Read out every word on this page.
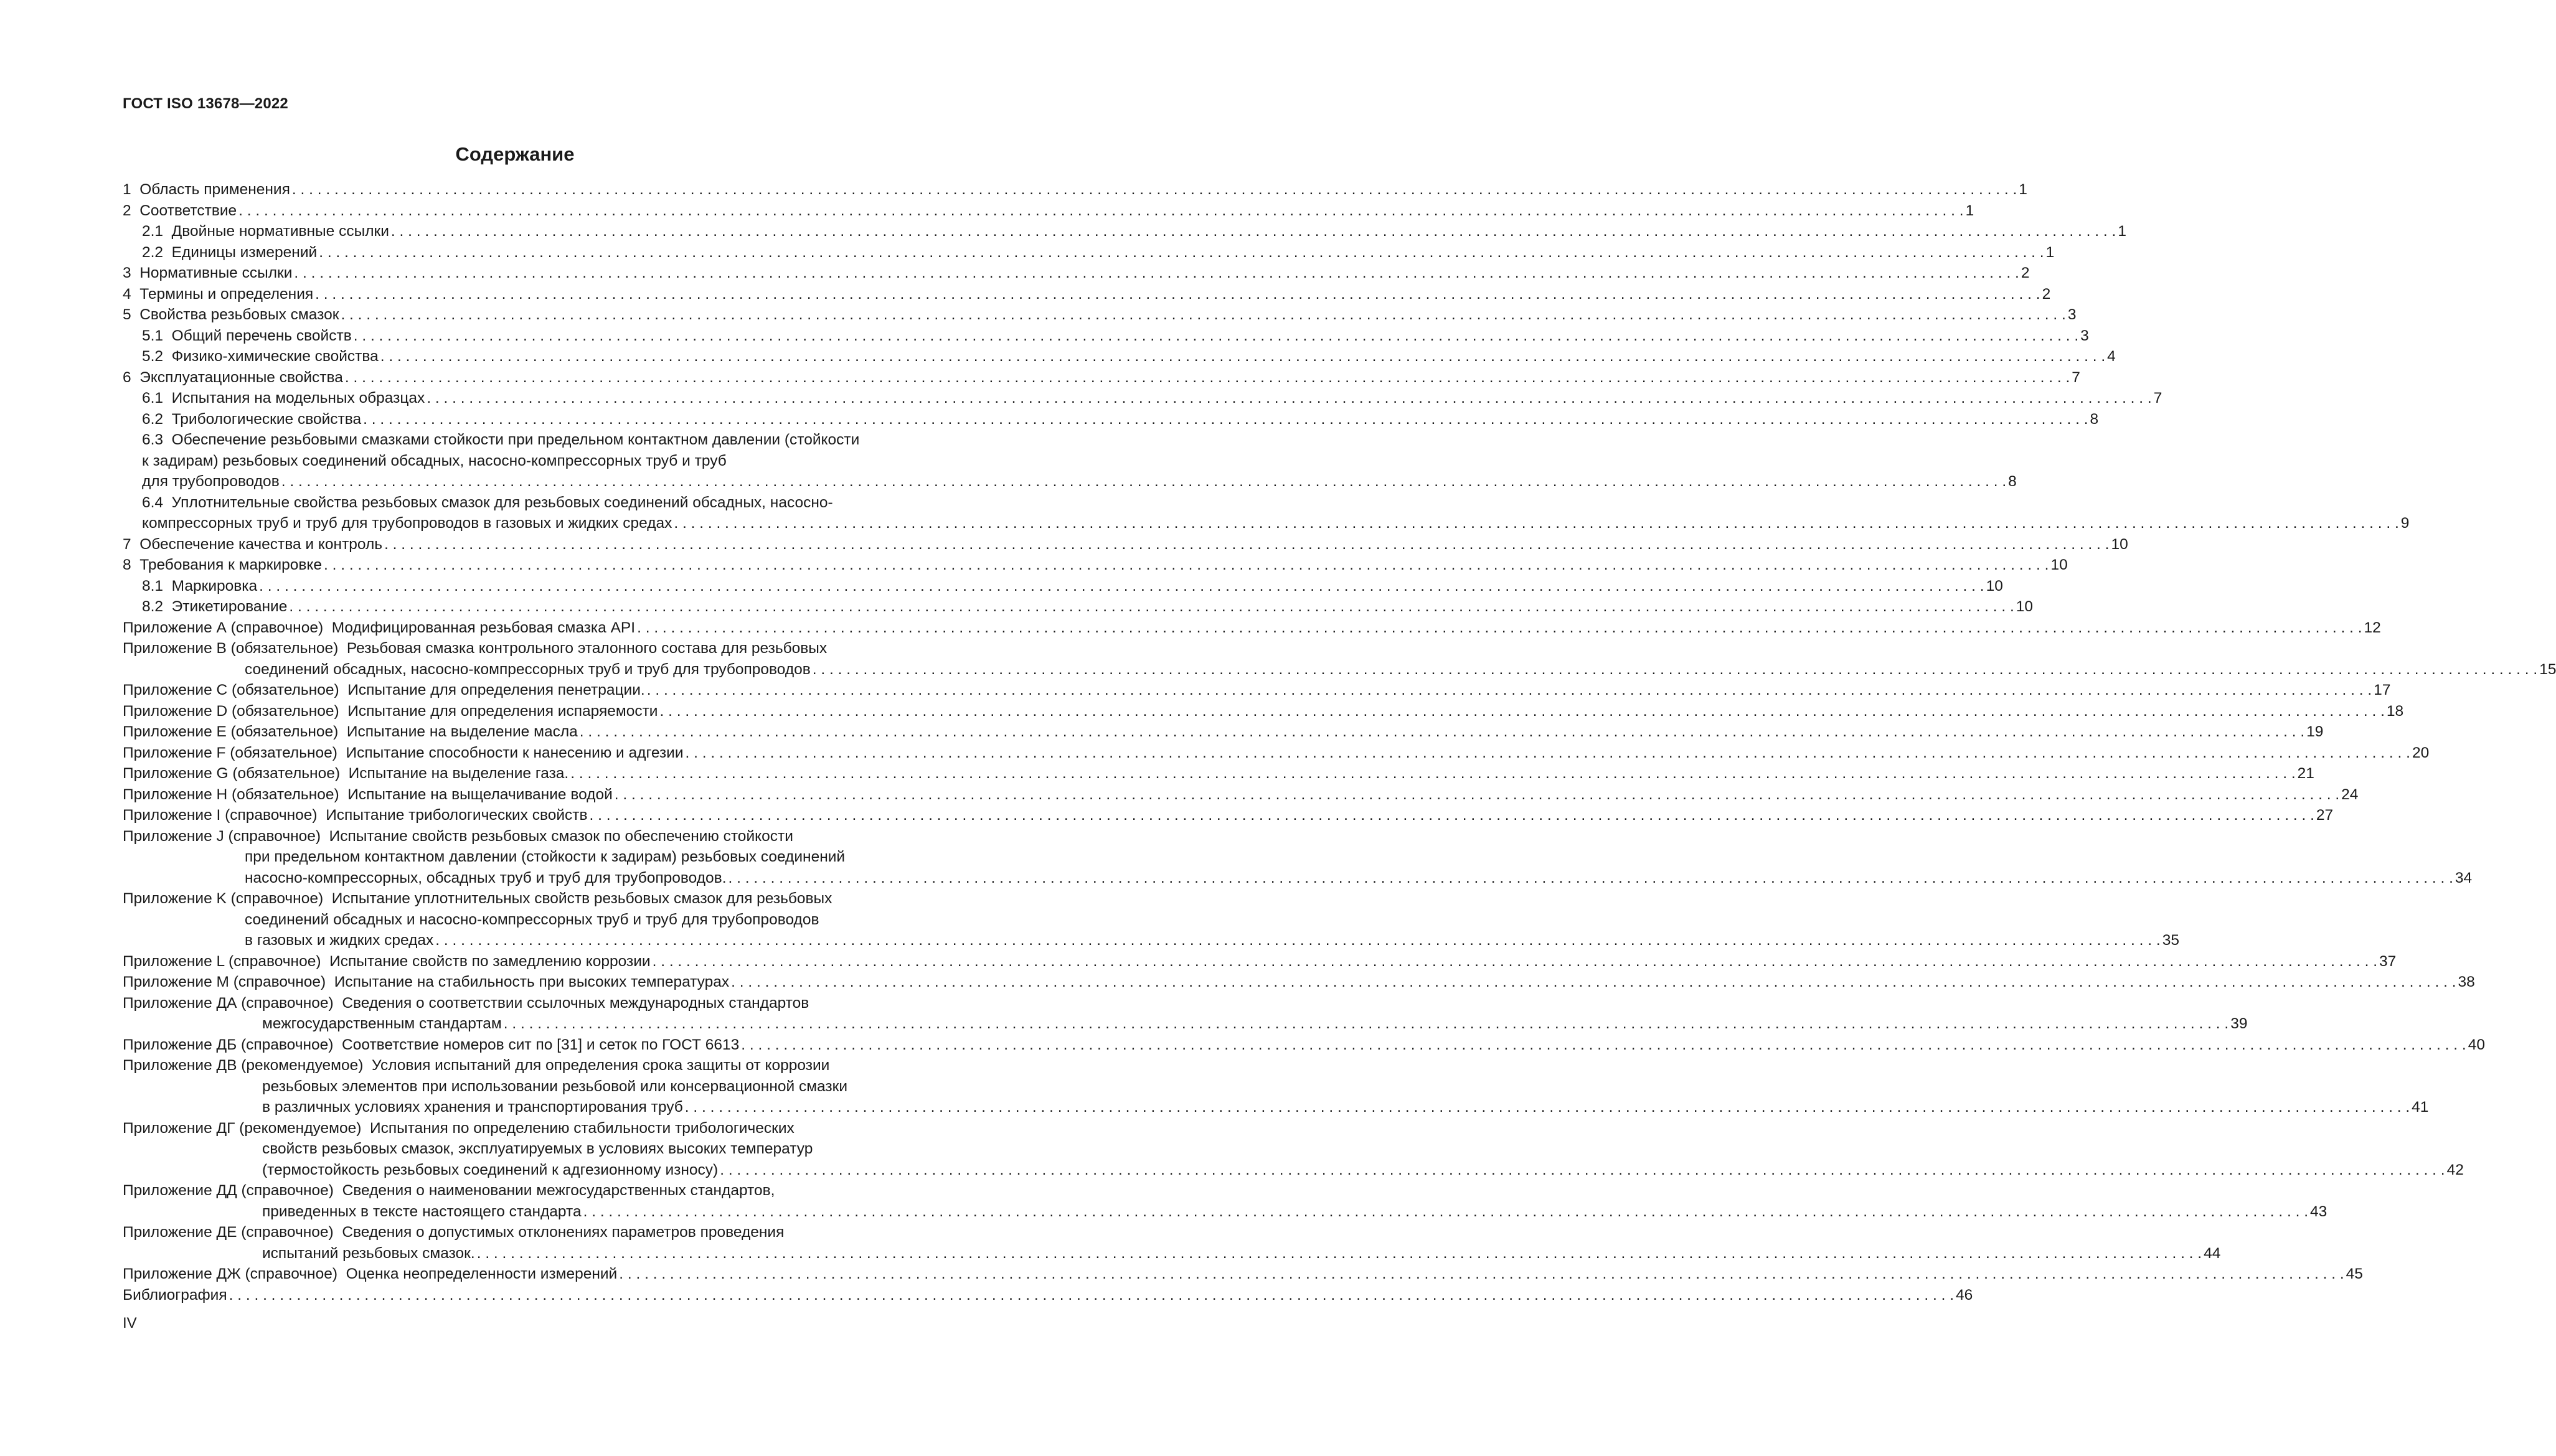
ГОСТ ISO 13678—2022
Содержание
1  Область применения . . .	1
2  Соответствие . . .	1
2.1  Двойные нормативные ссылки . . .	1
2.2  Единицы измерений . . .	1
3  Нормативные ссылки . . .	2
4  Термины и определения . . .	2
5  Свойства резьбовых смазок . . .	3
5.1  Общий перечень свойств . . .	3
5.2  Физико-химические свойства . . .	4
6  Эксплуатационные свойства . . .	7
6.1  Испытания на модельных образцах . . .	7
6.2  Трибологические свойства . . .	8
6.3  Обеспечение резьбовыми смазками стойкости при предельном контактном давлении (стойкости
к задирам) резьбовых соединений обсадных, насосно-компрессорных труб и труб
для трубопроводов . . .	8
6.4  Уплотнительные свойства резьбовых смазок для резьбовых соединений обсадных, насосно-
компрессорных труб и труб для трубопроводов в газовых и жидких средах . . .	9
7  Обеспечение качества и контроль . . .	10
8  Требования к маркировке . . .	10
8.1  Маркировка . . .	10
8.2  Этикетирование . . .	10
Приложение А (справочное)  Модифицированная резьбовая смазка API . . .	12
Приложение В (обязательное)  Резьбовая смазка контрольного эталонного состава для резьбовых
соединений обсадных, насосно-компрессорных труб и труб для трубопроводов . . .	15
Приложение С (обязательное)  Испытание для определения пенетрации. . . .	17
Приложение D (обязательное)  Испытание для определения испаряемости . . .	18
Приложение Е (обязательное)  Испытание на выделение масла . . .	19
Приложение F (обязательное)  Испытание способности к нанесению и адгезии . . .	20
Приложение G (обязательное)  Испытание на выделение газа. . . .	21
Приложение Н (обязательное)  Испытание на выщелачивание водой . . .	24
Приложение I (справочное)  Испытание трибологических свойств . . .	27
Приложение J (справочное)  Испытание свойств резьбовых смазок по обеспечению стойкости
при предельном контактном давлении (стойкости к задирам) резьбовых соединений
насосно-компрессорных, обсадных труб и труб для трубопроводов. . . .	34
Приложение K (справочное)  Испытание уплотнительных свойств резьбовых смазок для резьбовых
соединений обсадных и насосно-компрессорных труб и труб для трубопроводов
в газовых и жидких средах . . .	35
Приложение L (справочное)  Испытание свойств по замедлению коррозии . . .	37
Приложение М (справочное)  Испытание на стабильность при высоких температурах . . .	38
Приложение ДА (справочное)  Сведения о соответствии ссылочных международных стандартов
межгосударственным стандартам . . .	39
Приложение ДБ (справочное)  Соответствие номеров сит по [31] и сеток по ГОСТ 6613 . . .	40
Приложение ДВ (рекомендуемое)  Условия испытаний для определения срока защиты от коррозии
резьбовых элементов при использовании резьбовой или консервационной смазки
в различных условиях хранения и транспортирования труб . . .	41
Приложение ДГ (рекомендуемое)  Испытания по определению стабильности трибологических
свойств резьбовых смазок, эксплуатируемых в условиях высоких температур
(термостойкость резьбовых соединений к адгезионному износу) . . .	42
Приложение ДД (справочное)  Сведения о наименовании межгосударственных стандартов,
приведенных в тексте настоящего стандарта . . .	43
Приложение ДЕ (справочное)  Сведения о допустимых отклонениях параметров проведения
испытаний резьбовых смазок. . . .	44
Приложение ДЖ (справочное)  Оценка неопределенности измерений . . .	45
Библиография . . .	46
IV
